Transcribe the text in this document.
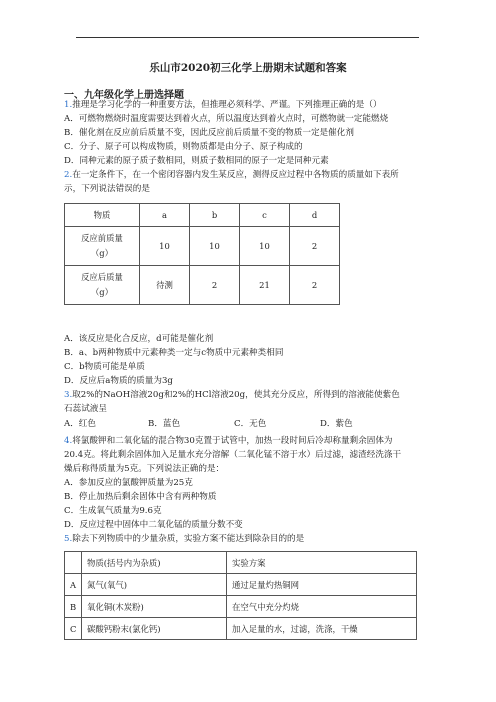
乐山市2020初三化学上册期末试题和答案
一、九年级化学上册选择题
1.推理是学习化学的一种重要方法，但推理必须科学、严谨。下列推理正确的是（）
A．可燃物燃烧时温度需要达到着火点，所以温度达到着火点时，可燃物就一定能燃烧
B．催化剂在反应前后质量不变，因此反应前后质量不变的物质一定是催化剂
C．分子、原子可以构成物质，则物质都是由分子、原子构成的
D．同种元素的原子质子数相同，则质子数相同的原子一定是同种元素
2.在一定条件下，在一个密闭容器内发生某反应，测得反应过程中各物质的质量如下表所
示，下列说法错误的是
物质	a	b	c	d
反应前质量
（g）	10	10	10	2
反应后质量
（g）	待测	2	21	2
A．该反应是化合反应，d可能是催化剂
B．a、b两种物质中元素种类一定与c物质中元素种类相同
C．b物质可能是单质
D．反应后a物质的质量为3g
3.取2%的NaOH溶液20g和2%的HCl溶液20g，使其充分反应，所得到的溶液能使紫色
石蕊试液呈
A．红色	B．蓝色	C．无色	D．紫色
4.将氯酸钾和二氧化锰的混合物30克置于试管中，加热一段时间后冷却称量剩余固体为
20.4克。将此剩余固体加入足量水充分溶解（二氧化锰不溶于水）后过滤，滤渣经洗涤干
燥后称得质量为5克。下列说法正确的是：
A．参加反应的氯酸钾质量为25克
B．停止加热后剩余固体中含有两种物质
C．生成氧气质量为9.6克
D．反应过程中固体中二氧化锰的质量分数不变
5.除去下列物质中的少量杂质，实验方案不能达到除杂目的的是
	物质(括号内为杂质)	实验方案
A	氮气(氧气)	通过足量灼热铜网
B	氧化铜(木炭粉)	在空气中充分灼烧
C	碳酸钙粉末(氯化钙)	加入足量的水，过滤，洗涤，干燥
